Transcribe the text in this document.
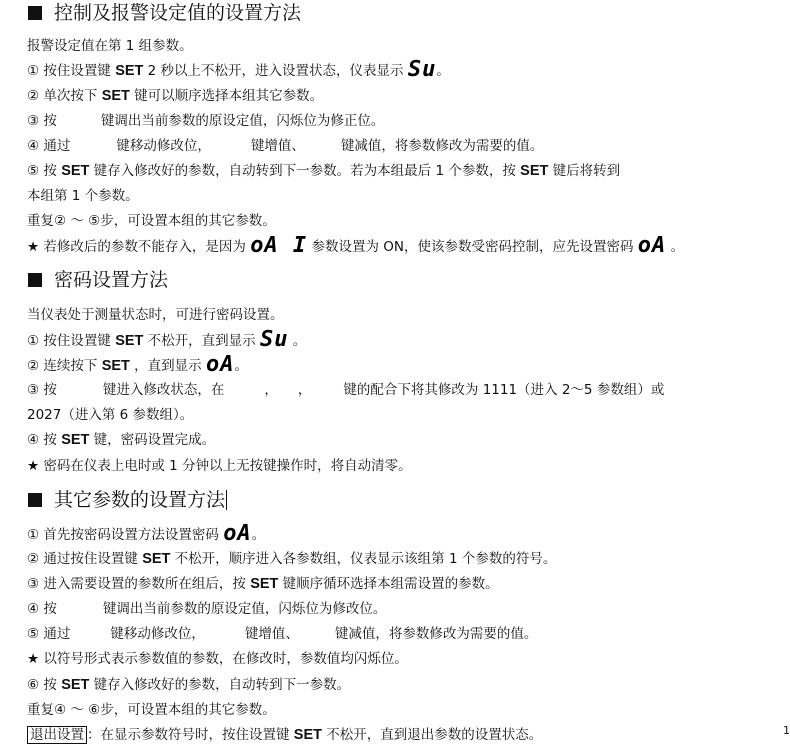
控制及报警设定值的设置方法
报警设定值在第 1 组参数。
① 按住设置键 SET 2 秒以上不松开，进入设置状态，仪表显示 Su。
② 单次按下 SET 键可以顺序选择本组其它参数。
③ 按	键调出当前参数的原设定值，闪烁位为修正位。
④ 通过	键移动修改位，	键增值、	键减值，将参数修改为需要的值。
⑤ 按 SET 键存入修改好的参数，自动转到下一参数。若为本组最后 1 个参数，按 SET 键后将转到
本组第 1 个参数。
重复② ～ ⑤步，可设置本组的其它参数。
★ 若修改后的参数不能存入，是因为 oA I 参数设置为 ON，使该参数受密码控制，应先设置密码 oA 。
密码设置方法
当仪表处于测量状态时，可进行密码设置。
① 按住设置键 SET 不松开，直到显示 Su 。
② 连续按下 SET ，直到显示 oA。
③ 按	键进入修改状态，在	， ， 键的配合下将其修改为 1111（进入 2～5 参数组）或
2027（进入第 6 参数组）。
④ 按 SET 键，密码设置完成。
★ 密码在仪表上电时或 1 分钟以上无按键操作时，将自动清零。
其它参数的设置方法
① 首先按密码设置方法设置密码 oA。
② 通过按住设置键 SET 不松开，顺序进入各参数组，仪表显示该组第 1 个参数的符号。
③ 进入需要设置的参数所在组后，按 SET 键顺序循环选择本组需设置的参数。
④ 按	键调出当前参数的原设定值，闪烁位为修改位。
⑤ 通过	键移动修改位，	键增值、	键减值，将参数修改为需要的值。
★ 以符号形式表示参数值的参数，在修改时，参数值均闪烁位。
⑥ 按 SET 键存入修改好的参数，自动转到下一参数。
重复④ ～ ⑥步，可设置本组的其它参数。
退出设置 ：在显示参数符号时，按住设置键 SET 不松开，直到退出参数的设置状态。	1
